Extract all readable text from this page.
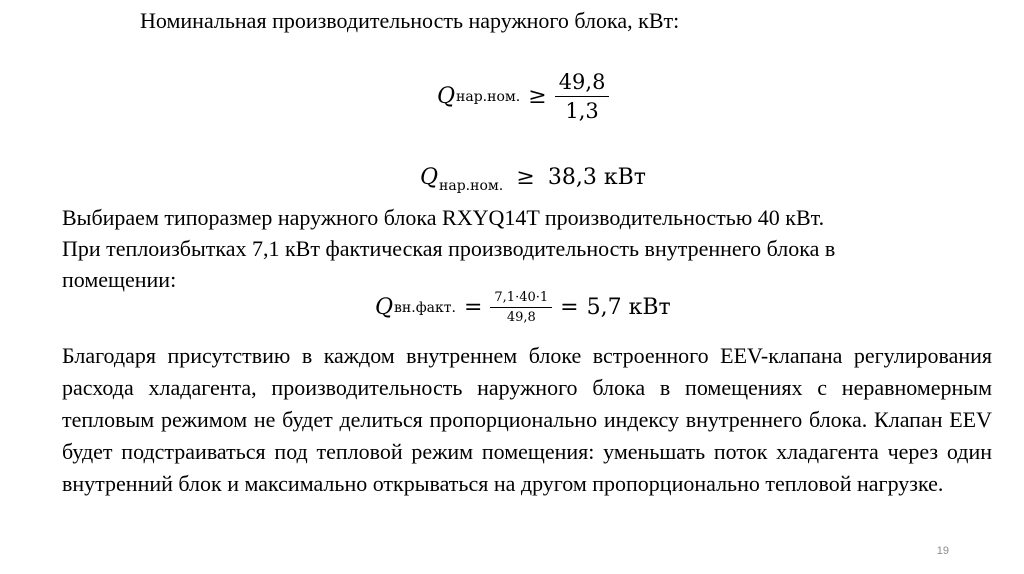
Номинальная производительность наружного блока, кВт:
Q нар.ном. ≥ $\frac{49,8}{1,3}$
Qнар.ном. ≥ 38,3 кВт
Выбираем типоразмер наружного блока RXYQ14T производительностью 40 кВт.
При теплоизбытках 7,1 кВт фактическая производительность внутреннего блока в
помещении:
Q вн.факт. = $\frac{7,1\cdot 40\cdot 1}{49,8} = 5,7$ кВт
Благодаря присутствию в каждом внутреннем блоке встроенного EEV-клапана регулирования расхода хладагента, производительность наружного блока в помещениях с неравномерным тепловым режимом не будет делиться пропорционально индексу внутреннего блока. Клапан EEV будет подстраиваться под тепловой режим помещения: уменьшать поток хладагента через один внутренний блок и максимально открываться на другом пропорционально тепловой нагрузке.
19
